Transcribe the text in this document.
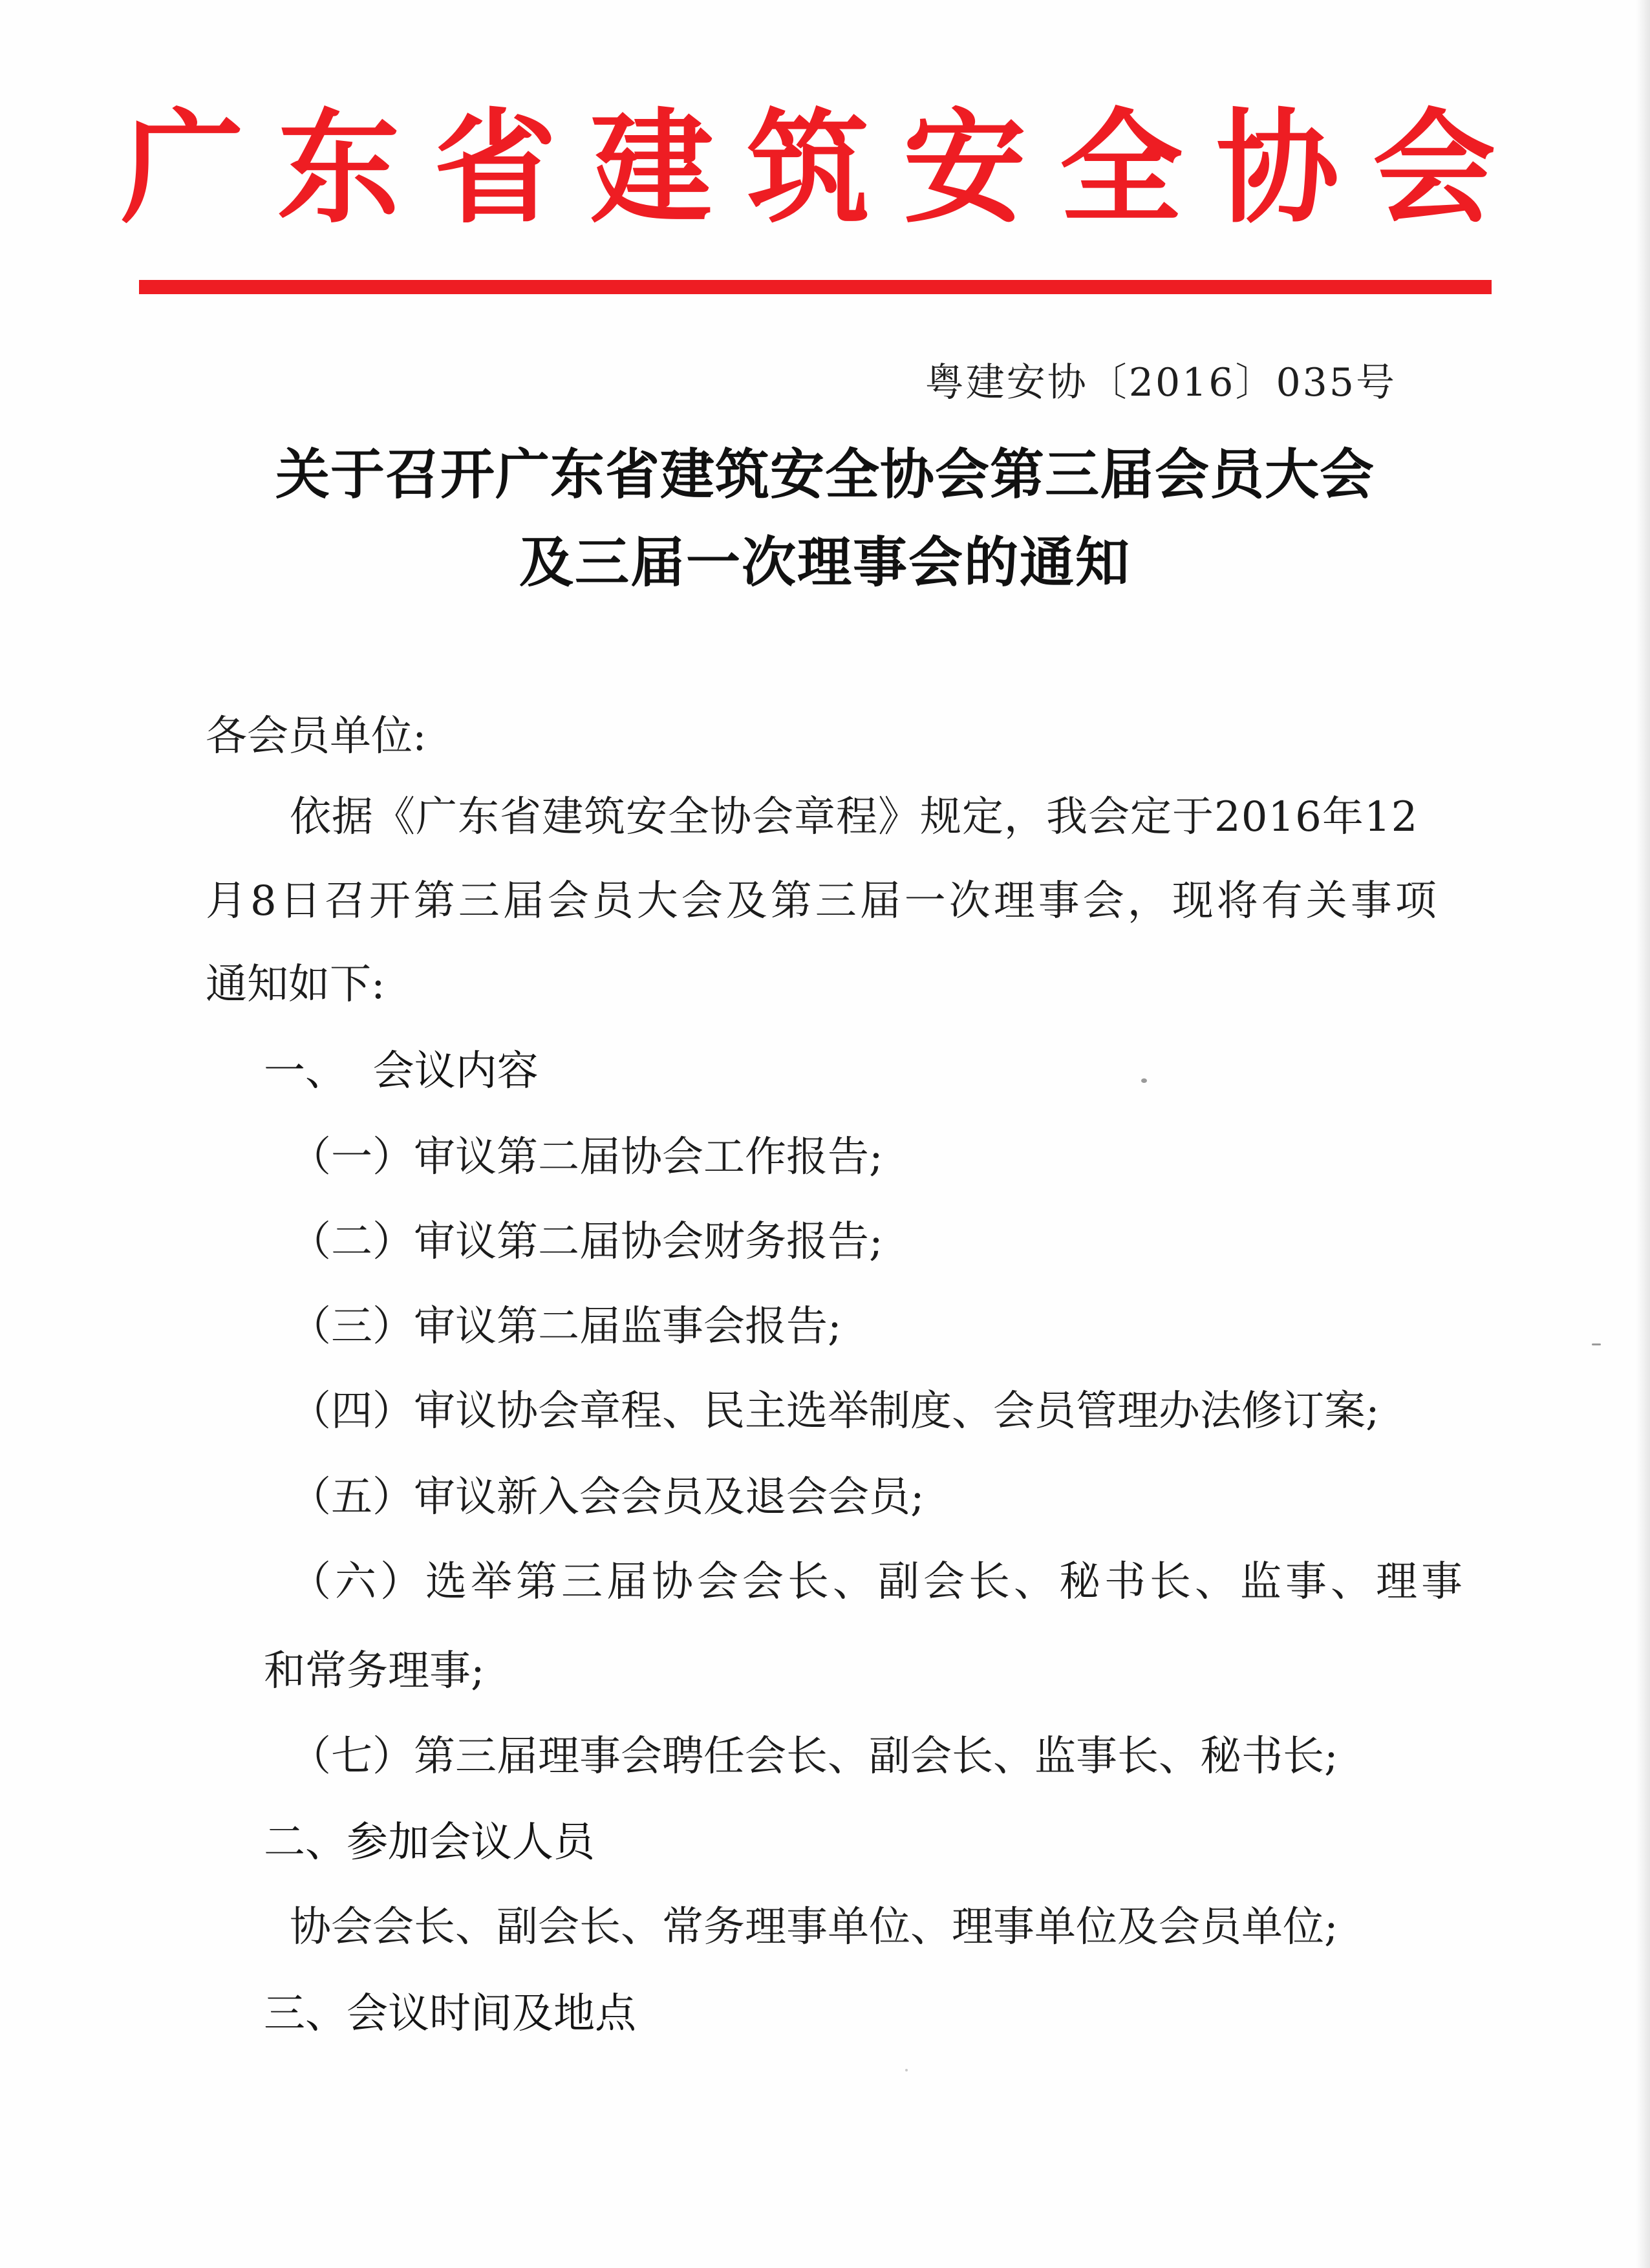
广东省建筑安全协会
粤建安协〔2016〕035号
关于召开广东省建筑安全协会第三届会员大会
及三届一次理事会的通知
各会员单位:
依据《广东省建筑安全协会章程》规定，我会定于2016年12
月8日召开第三届会员大会及第三届一次理事会，现将有关事项
通知如下:
一、  会议内容
（一）审议第二届协会工作报告;
（二）审议第二届协会财务报告;
（三）审议第二届监事会报告;
（四）审议协会章程、民主选举制度、会员管理办法修订案;
（五）审议新入会会员及退会会员;
（六）选举第三届协会会长、副会长、秘书长、监事、理事
和常务理事;
（七）第三届理事会聘任会长、副会长、监事长、秘书长;
二、参加会议人员
协会会长、副会长、常务理事单位、理事单位及会员单位;
三、会议时间及地点
